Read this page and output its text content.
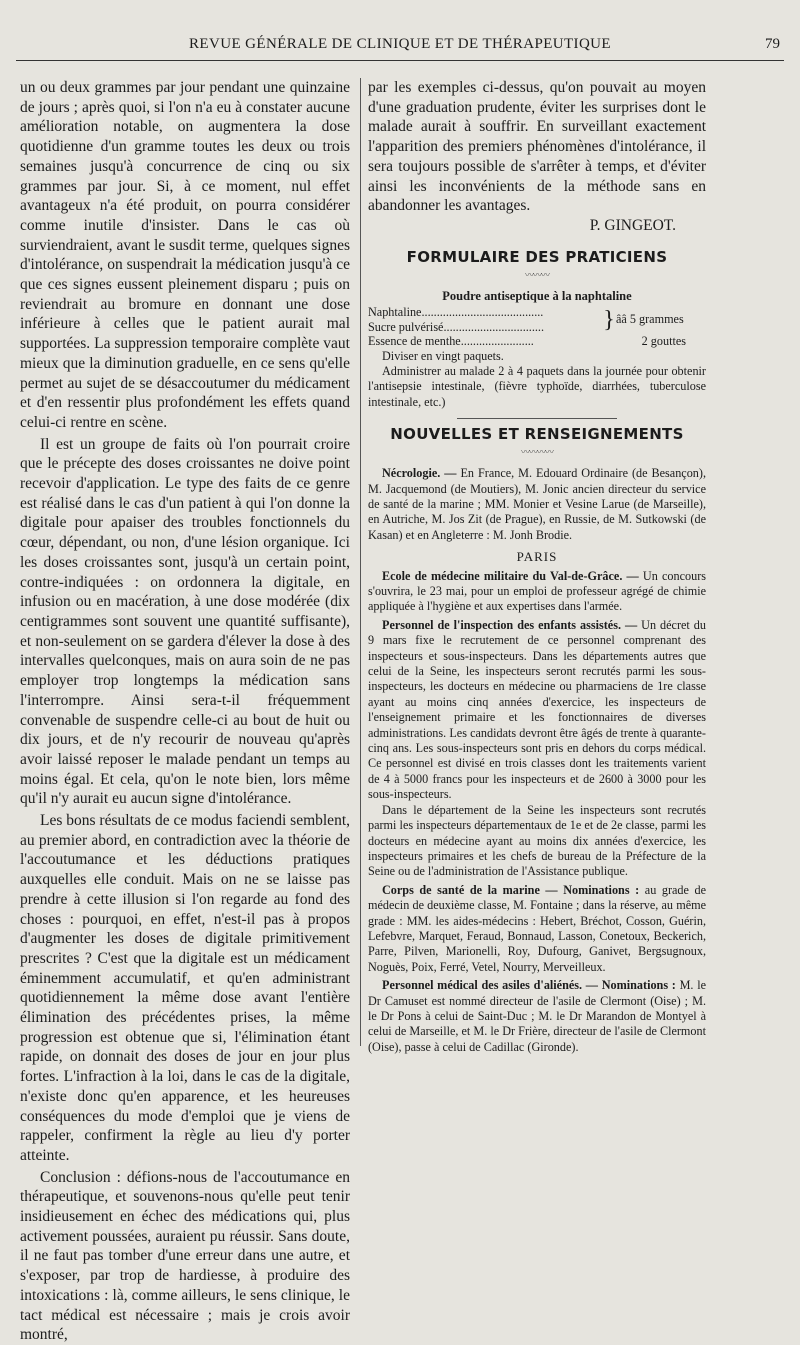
REVUE GÉNÉRALE DE CLINIQUE ET DE THÉRAPEUTIQUE	79

un ou deux grammes par jour pendant une quinzaine de jours ; après quoi, si l'on n'a eu à constater aucune amélioration notable, on augmentera la dose quotidienne d'un gramme toutes les deux ou trois semaines jusqu'à concurrence de cinq ou six grammes par jour. Si, à ce moment, nul effet avantageux n'a été produit, on pourra considérer comme inutile d'insister. Dans le cas où surviendraient, avant le susdit terme, quelques signes d'intolérance, on suspendrait la médication jusqu'à ce que ces signes eussent pleinement disparu ; puis on reviendrait au bromure en donnant une dose inférieure à celles que le patient aurait mal supportées. La suppression temporaire complète vaut mieux que la diminution graduelle, en ce sens qu'elle permet au sujet de se désaccoutumer du médicament et d'en ressentir plus profondément les effets quand celui-ci rentre en scène.

Il est un groupe de faits où l'on pourrait croire que le précepte des doses croissantes ne doive point recevoir d'application. Le type des faits de ce genre est réalisé dans le cas d'un patient à qui l'on donne la digitale pour apaiser des troubles fonctionnels du cœur, dépendant, ou non, d'une lésion organique. Ici les doses croissantes sont, jusqu'à un certain point, contre-indiquées : on ordonnera la digitale, en infusion ou en macération, à une dose modérée (dix centigrammes sont souvent une quantité suffisante), et non-seulement on se gardera d'élever la dose à des intervalles quelconques, mais on aura soin de ne pas employer trop longtemps la médication sans l'interrompre. Ainsi sera-t-il fréquemment convenable de suspendre celle-ci au bout de huit ou dix jours, et de n'y recourir de nouveau qu'après avoir laissé reposer le malade pendant un temps au moins égal. Et cela, qu'on le note bien, lors même qu'il n'y aurait eu aucun signe d'intolérance.

Les bons résultats de ce modus faciendi semblent, au premier abord, en contradiction avec la théorie de l'accoutumance et les déductions pratiques auxquelles elle conduit. Mais on ne se laisse pas prendre à cette illusion si l'on regarde au fond des choses : pourquoi, en effet, n'est-il pas à propos d'augmenter les doses de digitale primitivement prescrites ? C'est que la digitale est un médicament éminemment accumulatif, et qu'en administrant quotidiennement la même dose avant l'entière élimination des précédentes prises, la même progression est obtenue que si, l'élimination étant rapide, on donnait des doses de jour en jour plus fortes. L'infraction à la loi, dans le cas de la digitale, n'existe donc qu'en apparence, et les heureuses conséquences du mode d'emploi que je viens de rappeler, confirment la règle au lieu d'y porter atteinte.

Conclusion : défions-nous de l'accoutumance en thérapeutique, et souvenons-nous qu'elle peut tenir insidieusement en échec des médications qui, plus activement poussées, auraient pu réussir. Sans doute, il ne faut pas tomber d'une erreur dans une autre, et s'exposer, par trop de hardiesse, à produire des intoxications : là, comme ailleurs, le sens clinique, le tact médical est nécessaire ; mais je crois avoir montré,

par les exemples ci-dessus, qu'on pouvait au moyen d'une graduation prudente, éviter les surprises dont le malade aurait à souffrir. En surveillant exactement l'apparition des premiers phénomènes d'intolérance, il sera toujours possible de s'arrêter à temps, et d'éviter ainsi les inconvénients de la méthode sans en abandonner les avantages.

P. GINGEOT.
FORMULAIRE DES PRATICIENS
〰〰〰
Poudre antiseptique à la naphtaline
Naphtaline........................................	}	ââ 5 grammes
Sucre pulvérisé.................................		
Essence de menthe........................		2 gouttes

Diviser en vingt paquets.

Administrer au malade 2 à 4 paquets dans la journée pour obtenir l'antisepsie intestinale, (fièvre typhoïde, diarrhées, tuberculose intestinale, etc.)

NOUVELLES ET RENSEIGNEMENTS
〰〰〰〰

Nécrologie. — En France, M. Edouard Ordinaire (de Besançon), M. Jacquemond (de Moutiers), M. Jonic ancien directeur du service de santé de la marine ; MM. Monier et Vesine Larue (de Marseille), en Autriche, M. Jos Zit (de Prague), en Russie, de M. Sutkowski (de Kasan) et en Angleterre : M. Jonh Brodie.

PARIS

Ecole de médecine militaire du Val-de-Grâce. — Un concours s'ouvrira, le 23 mai, pour un emploi de professeur agrégé de chimie appliquée à l'hygiène et aux expertises dans l'armée.

Personnel de l'inspection des enfants assistés. — Un décret du 9 mars fixe le recrutement de ce personnel comprenant des inspecteurs et sous-inspecteurs. Dans les départements autres que celui de la Seine, les inspecteurs seront recrutés parmi les sous-inspecteurs, les docteurs en médecine ou pharmaciens de 1re classe ayant au moins cinq années d'exercice, les inspecteurs de l'enseignement primaire et les fonctionnaires de diverses administrations. Les candidats devront être âgés de trente à quarante-cinq ans. Les sous-inspecteurs sont pris en dehors du corps médical. Ce personnel est divisé en trois classes dont les traitements varient de 4 à 5000 francs pour les inspecteurs et de 2600 à 3000 pour les sous-inspecteurs.

Dans le département de la Seine les inspecteurs sont recrutés parmi les inspecteurs départementaux de 1e et de 2e classe, parmi les docteurs en médecine ayant au moins dix années d'exercice, les inspecteurs primaires et les chefs de bureau de la Préfecture de la Seine ou de l'administration de l'Assistance publique.

Corps de santé de la marine — Nominations : au grade de médecin de deuxième classe, M. Fontaine ; dans la réserve, au même grade : MM. les aides-médecins : Hebert, Bréchot, Cosson, Guérin, Lefebvre, Marquet, Feraud, Bonnaud, Lasson, Conetoux, Beckerich, Parre, Pilven, Marionelli, Roy, Dufourg, Ganivet, Bergsugnoux, Noguès, Poix, Ferré, Vetel, Nourry, Merveilleux.

Personnel médical des asiles d'aliénés. — Nominations : M. le Dr Camuset est nommé directeur de l'asile de Clermont (Oise) ; M. le Dr Pons à celui de Saint-Duc ; M. le Dr Marandon de Montyel à celui de Marseille, et M. le Dr Frière, directeur de l'asile de Clermont (Oise), passe à celui de Cadillac (Gironde).
